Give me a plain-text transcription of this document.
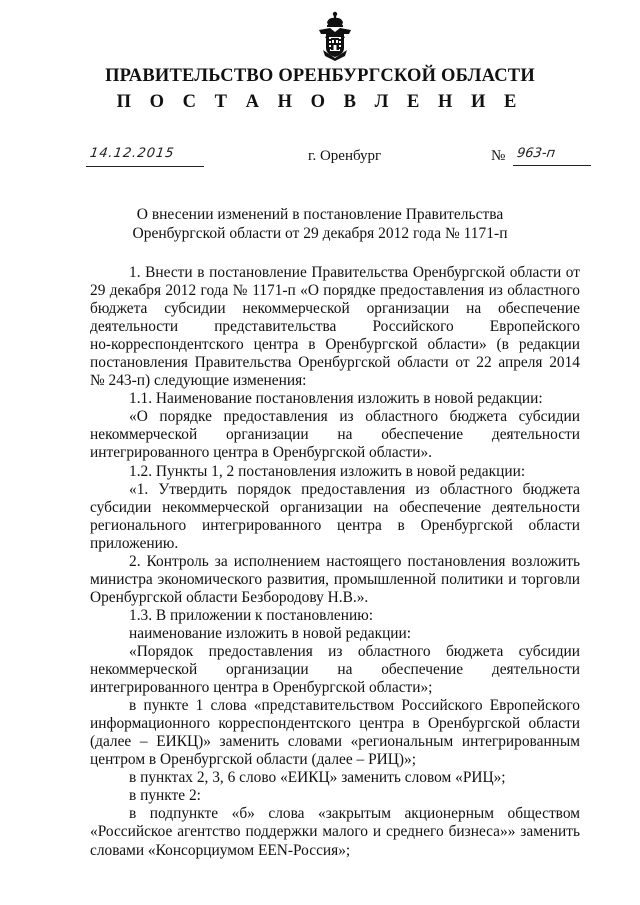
ПРАВИТЕЛЬСТВО ОРЕНБУРГСКОЙ ОБЛАСТИ
П О С Т А Н О В Л Е Н И Е
14.12.2015	г. Оренбург	№ 963-п
О внесении изменений в постановление Правительства
Оренбургской области от 29 декабря 2012 года № 1171-п
1. Внести в постановление Правительства Оренбургской области от
29 декабря 2012 года № 1171-п «О порядке предоставления из областного
бюджета субсидии некоммерческой организации на обеспечение
деятельности представительства Российского Европейского
но-корреспондентского центра в Оренбургской области» (в редакции
постановления Правительства Оренбургской области от 22 апреля 2014
№ 243-п) следующие изменения:
1.1. Наименование постановления изложить в новой редакции:
«О порядке предоставления из областного бюджета субсидии
некоммерческой организации на обеспечение деятельности
интегрированного центра в Оренбургской области».
1.2. Пункты 1, 2 постановления изложить в новой редакции:
«1. Утвердить порядок предоставления из областного бюджета
субсидии некоммерческой организации на обеспечение деятельности
регионального интегрированного центра в Оренбургской области
приложению.
2. Контроль за исполнением настоящего постановления возложить
министра экономического развития, промышленной политики и торговли
Оренбургской области Безбородову Н.В.».
1.3. В приложении к постановлению:
наименование изложить в новой редакции:
«Порядок предоставления из областного бюджета субсидии
некоммерческой организации на обеспечение деятельности
интегрированного центра в Оренбургской области»;
в пункте 1 слова «представительством Российского Европейского
информационного корреспондентского центра в Оренбургской области
(далее – ЕИКЦ)» заменить словами «региональным интегрированным
центром в Оренбургской области (далее – РИЦ)»;
в пунктах 2, 3, 6 слово «ЕИКЦ» заменить словом «РИЦ»;
в пункте 2:
в подпункте «б» слова «закрытым акционерным обществом
«Российское агентство поддержки малого и среднего бизнеса»» заменить
словами «Консорциумом EEN-Россия»;
